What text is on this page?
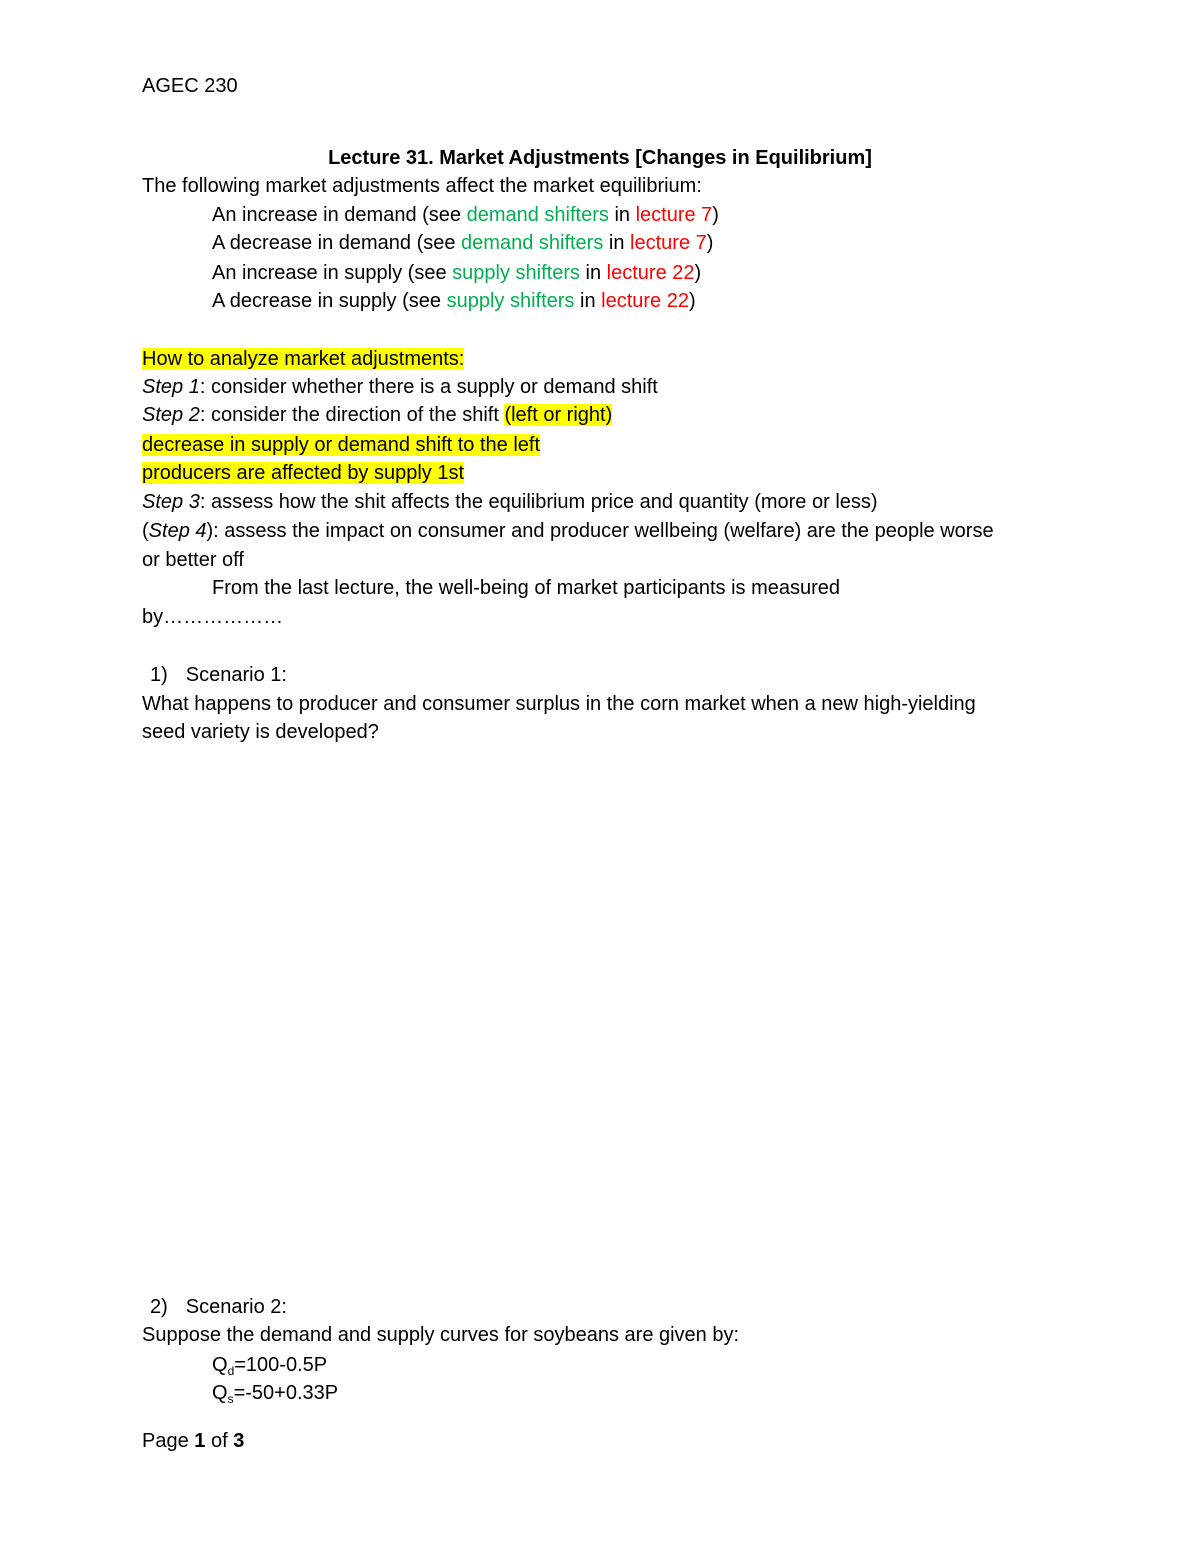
AGEC 230
Lecture 31. Market Adjustments [Changes in Equilibrium]
The following market adjustments affect the market equilibrium:
An increase in demand (see demand shifters in lecture 7)
A decrease in demand (see demand shifters in lecture 7)
An increase in supply (see supply shifters in lecture 22)
A decrease in supply (see supply shifters in lecture 22)
How to analyze market adjustments:
Step 1: consider whether there is a supply or demand shift
Step 2: consider the direction of the shift (left or right)
decrease in supply or demand shift to the left
producers are affected by supply 1st
Step 3: assess how the shit affects the equilibrium price and quantity (more or less)
(Step 4): assess the impact on consumer and producer wellbeing (welfare) are the people worse
or better off
From the last lecture, the well-being of market participants is measured
by………………
1) Scenario 1:
What happens to producer and consumer surplus in the corn market when a new high-yielding
seed variety is developed?
2) Scenario 2:
Suppose the demand and supply curves for soybeans are given by:
$Q_d=100-0.5P$
$Q_s=-50+0.33P$
Page 1 of 3
